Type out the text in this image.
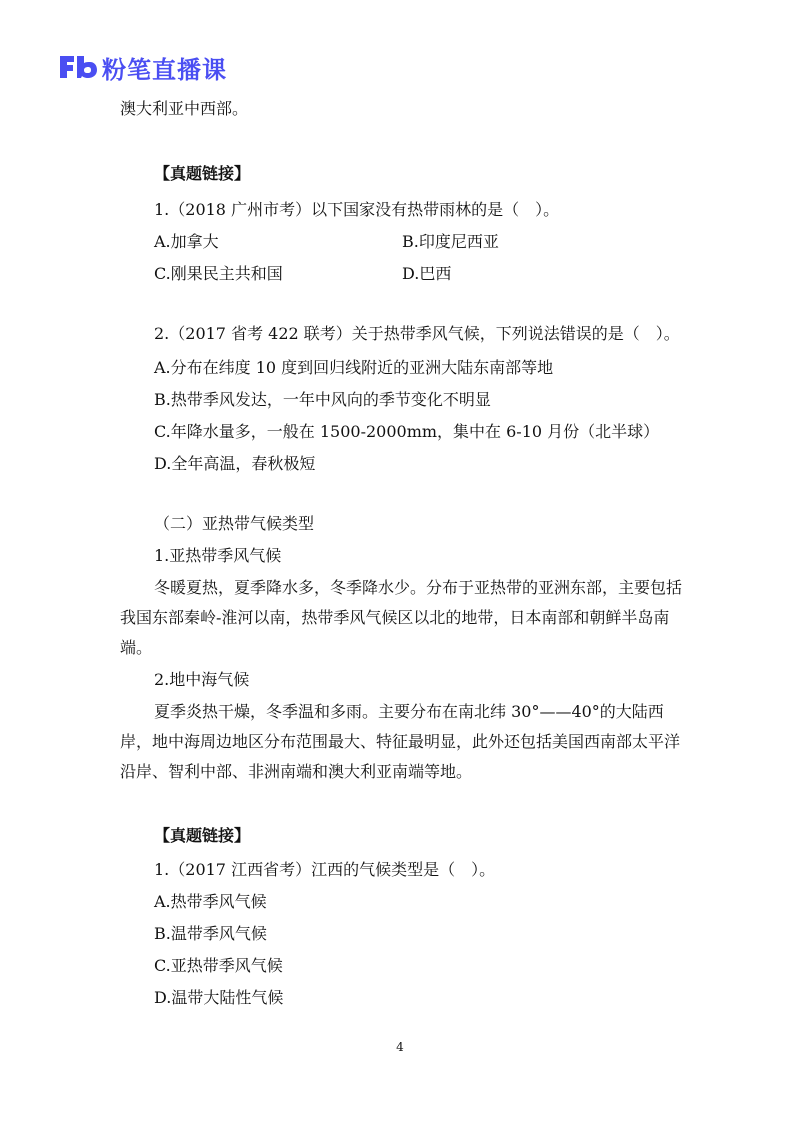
粉笔直播课
澳大利亚中西部。
【真题链接】
1.（2018 广州市考）以下国家没有热带雨林的是（　）。
A.加拿大	B.印度尼西亚
C.刚果民主共和国	D.巴西
2.（2017 省考 422 联考）关于热带季风气候，下列说法错误的是（　）。
A.分布在纬度 10 度到回归线附近的亚洲大陆东南部等地
B.热带季风发达，一年中风向的季节变化不明显
C.年降水量多，一般在 1500-2000mm，集中在 6-10 月份（北半球）
D.全年高温，春秋极短
（二）亚热带气候类型
1.亚热带季风气候
冬暖夏热，夏季降水多，冬季降水少。分布于亚热带的亚洲东部，主要包括
我国东部秦岭-淮河以南，热带季风气候区以北的地带，日本南部和朝鲜半岛南
端。
2.地中海气候
夏季炎热干燥，冬季温和多雨。主要分布在南北纬 30°——40°的大陆西
岸，地中海周边地区分布范围最大、特征最明显，此外还包括美国西南部太平洋
沿岸、智利中部、非洲南端和澳大利亚南端等地。
【真题链接】
1.（2017 江西省考）江西的气候类型是（　）。
A.热带季风气候
B.温带季风气候
C.亚热带季风气候
D.温带大陆性气候
4
